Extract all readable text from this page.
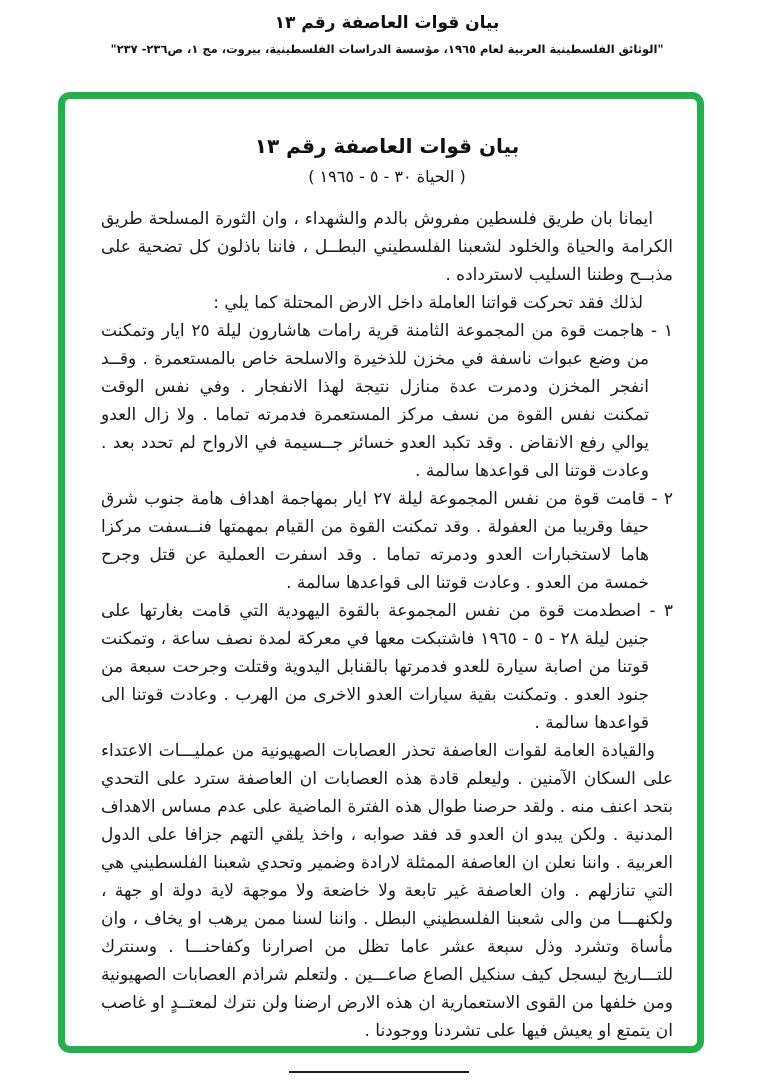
بيان قوات العاصفة رقم ١٣
"الوثائق الفلسطينية العربية لعام ١٩٦٥، مؤسسة الدراسات الفلسطينية، بيروت، مج ١، ص٢٣٦- ٢٣٧"
بيان قوات العاصفة رقم ١٣
( الحياة ٣٠ - ٥ - ١٩٦٥ )
ايمانا بان طريق فلسطين مفروش بالدم والشهداء ، وان الثورة المسلحة طريق الكرامة والحياة والخلود لشعبنا الفلسطيني البطــل ، فاننا باذلون كل تضحية على مذبــح وطننا السليب لاسترداده .
لذلك فقد تحركت قواتنا العاملة داخل الارض المحتلة كما يلي :
١ - هاجمت قوة من المجموعة الثامنة قرية رامات هاشارون ليلة ٢٥ ايار وتمكنت من وضع عبوات ناسفة في مخزن للذخيرة والاسلحة خاص بالمستعمرة . وقــد انفجر المخزن ودمرت عدة منازل نتيجة لهذا الانفجار . وفي نفس الوقت تمكنت نفس القوة من نسف مركز المستعمرة فدمرته تماما . ولا زال العدو يوالي رفع الانقاض . وقد تكبد العدو خسائر جــسيمة في الارواح لم تحدد بعد . وعادت قوتنا الى قواعدها سالمة .
٢ - قامت قوة من نفس المجموعة ليلة ٢٧ ايار بمهاجمة اهداف هامة جنوب شرق حيفا وقريبا من العفولة . وقد تمكنت القوة من القيام بمهمتها فنــسفت مركزا هاما لاستخبارات العدو ودمرته تماما . وقد اسفرت العملية عن قتل وجرح خمسة من العدو . وعادت قوتنا الى قواعدها سالمة .
٣ - اصطدمت قوة من نفس المجموعة بالقوة اليهودية التي قامت بغارتها على جنين ليلة ٢٨ - ٥ - ١٩٦٥ فاشتبكت معها في معركة لمدة نصف ساعة ، وتمكنت قوتنا من اصابة سيارة للعدو فدمرتها بالقنابل اليدوية وقتلت وجرحت سبعة من جنود العدو . وتمكنت بقية سيارات العدو الاخرى من الهرب . وعادت قوتنا الى قواعدها سالمة .
والقيادة العامة لقوات العاصفة تحذر العصابات الصهيونية من عمليـــات الاعتداء على السكان الآمنين . وليعلم قادة هذه العصابات ان العاصفة سترد على التحدي بتحد اعنف منه . ولقد حرصنا طوال هذه الفترة الماضية على عدم مساس الاهداف المدنية . ولكن يبدو ان العدو قد فقد صوابه ، واخذ يلقي التهم جزافا على الدول العربية . واننا نعلن ان العاصفة الممثلة لارادة وضمير وتحدي شعبنا الفلسطيني هي التي تنازلهم . وان العاصفة غير تابعة ولا خاضعة ولا موجهة لاية دولة او جهة ، ولكنهـــا من والى شعبنا الفلسطيني البطل . واننا لسنا ممن يرهب او يخاف ، وان مأساة وتشرد وذل سبعة عشر عاما تظل من اصرارنا وكفاحنـــا . وسنترك للتـــاريخ ليسجل كيف سنكيل الصاع صاعـــين . ولتعلم شراذم العصابات الصهيونية ومن خلفها من القوى الاستعمارية ان هذه الارض ارضنا ولن نترك لمعتــدٍ او غاصب ان يتمتع او يعيش فيها على تشردنا ووجودنا .
